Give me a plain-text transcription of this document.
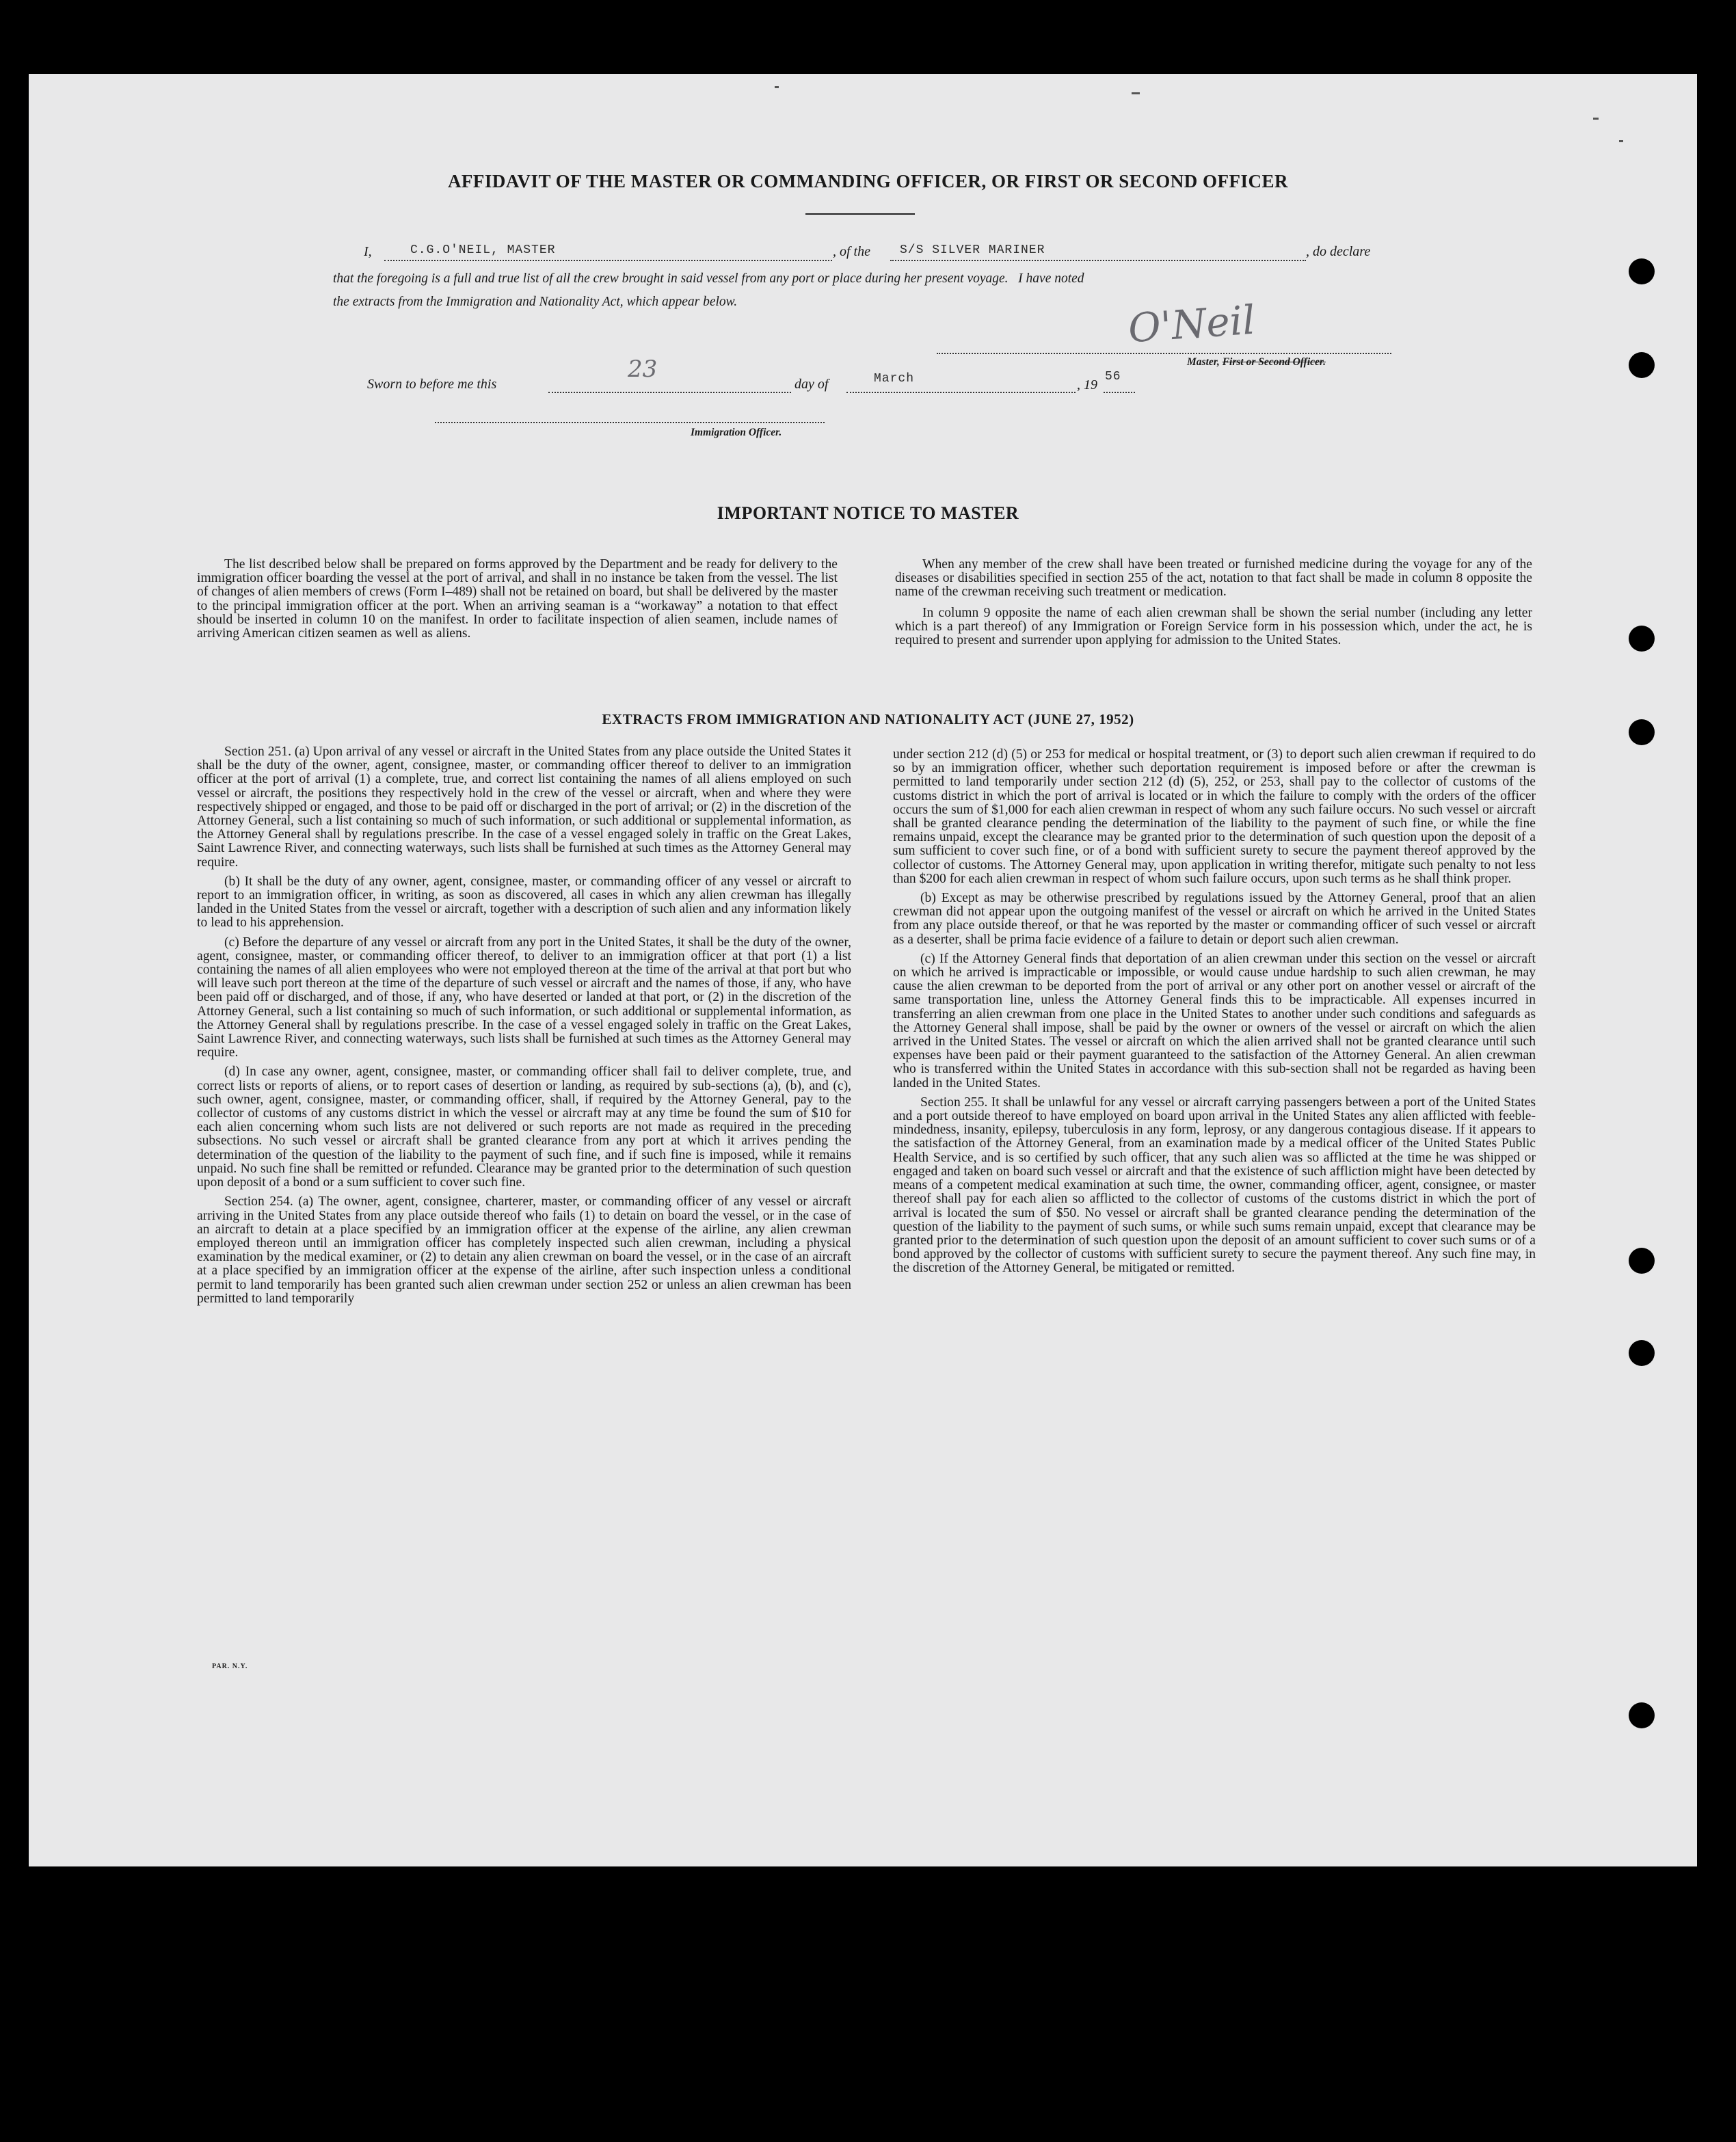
AFFIDAVIT OF THE MASTER OR COMMANDING OFFICER, OR FIRST OR SECOND OFFICER
I,	C.G.O'NEIL, MASTER	, of the S/S SILVER MARINER	, do declare
that the foregoing is a full and true list of all the crew brought in said vessel from any port or place during her present voyage.   I have noted
the extracts from the Immigration and Nationality Act, which appear below.	O'Neil
Master, First or Second Officer.
Sworn to before me this
23
day of	March	, 19
56
Immigration Officer.
IMPORTANT NOTICE TO MASTER

The list described below shall be prepared on forms approved by the Department and be ready for delivery to the immigration officer boarding the vessel at the port of arrival, and shall in no instance be taken from the vessel. The list of changes of alien members of crews (Form I–489) shall not be retained on board, but shall be delivered by the master to the principal immigration officer at the port. When an arriving seaman is a “workaway” a notation to that effect should be inserted in column 10 on the manifest. In order to facilitate inspection of alien seamen, include names of arriving American citizen seamen as well as aliens.

When any member of the crew shall have been treated or furnished medicine during the voyage for any of the diseases or disabilities specified in section 255 of the act, notation to that fact shall be made in column 8 opposite the name of the crewman receiving such treatment or medication.

In column 9 opposite the name of each alien crewman shall be shown the serial number (including any letter which is a part thereof) of any Immigration or Foreign Service form in his possession which, under the act, he is required to present and surrender upon applying for admission to the United States.

EXTRACTS FROM IMMIGRATION AND NATIONALITY ACT (JUNE 27, 1952)

Section 251. (a) Upon arrival of any vessel or aircraft in the United States from any place outside the United States it shall be the duty of the owner, agent, consignee, master, or commanding officer thereof to deliver to an immigration officer at the port of arrival (1) a complete, true, and correct list containing the names of all aliens employed on such vessel or aircraft, the positions they respectively hold in the crew of the vessel or aircraft, when and where they were respectively shipped or engaged, and those to be paid off or discharged in the port of arrival; or (2) in the discretion of the Attorney General, such a list containing so much of such information, or such additional or supplemental information, as the Attorney General shall by regulations prescribe. In the case of a vessel engaged solely in traffic on the Great Lakes, Saint Lawrence River, and connecting waterways, such lists shall be furnished at such times as the Attorney General may require.

(b) It shall be the duty of any owner, agent, consignee, master, or commanding officer of any vessel or aircraft to report to an immigration officer, in writing, as soon as discovered, all cases in which any alien crewman has illegally landed in the United States from the vessel or aircraft, together with a description of such alien and any information likely to lead to his apprehension.

(c) Before the departure of any vessel or aircraft from any port in the United States, it shall be the duty of the owner, agent, consignee, master, or commanding officer thereof, to deliver to an immigration officer at that port (1) a list containing the names of all alien employees who were not employed thereon at the time of the arrival at that port but who will leave such port thereon at the time of the departure of such vessel or aircraft and the names of those, if any, who have been paid off or discharged, and of those, if any, who have deserted or landed at that port, or (2) in the discretion of the Attorney General, such a list containing so much of such information, or such additional or supplemental information, as the Attorney General shall by regulations prescribe. In the case of a vessel engaged solely in traffic on the Great Lakes, Saint Lawrence River, and connecting waterways, such lists shall be furnished at such times as the Attorney General may require.

(d) In case any owner, agent, consignee, master, or commanding officer shall fail to deliver complete, true, and correct lists or reports of aliens, or to report cases of desertion or landing, as required by sub-sections (a), (b), and (c), such owner, agent, consignee, master, or commanding officer, shall, if required by the Attorney General, pay to the collector of customs of any customs district in which the vessel or aircraft may at any time be found the sum of $10 for each alien concerning whom such lists are not delivered or such reports are not made as required in the preceding subsections. No such vessel or aircraft shall be granted clearance from any port at which it arrives pending the determination of the question of the liability to the payment of such fine, and if such fine is imposed, while it remains unpaid. No such fine shall be remitted or refunded. Clearance may be granted prior to the determination of such question upon deposit of a bond or a sum sufficient to cover such fine.

Section 254. (a) The owner, agent, consignee, charterer, master, or commanding officer of any vessel or aircraft arriving in the United States from any place outside thereof who fails (1) to detain on board the vessel, or in the case of an aircraft to detain at a place specified by an immigration officer at the expense of the airline, any alien crewman employed thereon until an immigration officer has completely inspected such alien crewman, including a physical examination by the medical examiner, or (2) to detain any alien crewman on board the vessel, or in the case of an aircraft at a place specified by an immigration officer at the expense of the airline, after such inspection unless a conditional permit to land temporarily has been granted such alien crewman under section 252 or unless an alien crewman has been permitted to land temporarily

under section 212 (d) (5) or 253 for medical or hospital treatment, or (3) to deport such alien crewman if required to do so by an immigration officer, whether such deportation requirement is imposed before or after the crewman is permitted to land temporarily under section 212 (d) (5), 252, or 253, shall pay to the collector of customs of the customs district in which the port of arrival is located or in which the failure to comply with the orders of the officer occurs the sum of $1,000 for each alien crewman in respect of whom any such failure occurs. No such vessel or aircraft shall be granted clearance pending the determination of the liability to the payment of such fine, or while the fine remains unpaid, except the clearance may be granted prior to the determination of such question upon the deposit of a sum sufficient to cover such fine, or of a bond with sufficient surety to secure the payment thereof approved by the collector of customs. The Attorney General may, upon application in writing therefor, mitigate such penalty to not less than $200 for each alien crewman in respect of whom such failure occurs, upon such terms as he shall think proper.

(b) Except as may be otherwise prescribed by regulations issued by the Attorney General, proof that an alien crewman did not appear upon the outgoing manifest of the vessel or aircraft on which he arrived in the United States from any place outside thereof, or that he was reported by the master or commanding officer of such vessel or aircraft as a deserter, shall be prima facie evidence of a failure to detain or deport such alien crewman.

(c) If the Attorney General finds that deportation of an alien crewman under this section on the vessel or aircraft on which he arrived is impracticable or impossible, or would cause undue hardship to such alien crewman, he may cause the alien crewman to be deported from the port of arrival or any other port on another vessel or aircraft of the same transportation line, unless the Attorney General finds this to be impracticable. All expenses incurred in transferring an alien crewman from one place in the United States to another under such conditions and safeguards as the Attorney General shall impose, shall be paid by the owner or owners of the vessel or aircraft on which the alien arrived in the United States. The vessel or aircraft on which the alien arrived shall not be granted clearance until such expenses have been paid or their payment guaranteed to the satisfaction of the Attorney General. An alien crewman who is transferred within the United States in accordance with this sub-section shall not be regarded as having been landed in the United States.

Section 255. It shall be unlawful for any vessel or aircraft carrying passengers between a port of the United States and a port outside thereof to have employed on board upon arrival in the United States any alien afflicted with feeble-mindedness, insanity, epilepsy, tuberculosis in any form, leprosy, or any dangerous contagious disease. If it appears to the satisfaction of the Attorney General, from an examination made by a medical officer of the United States Public Health Service, and is so certified by such officer, that any such alien was so afflicted at the time he was shipped or engaged and taken on board such vessel or aircraft and that the existence of such affliction might have been detected by means of a competent medical examination at such time, the owner, commanding officer, agent, consignee, or master thereof shall pay for each alien so afflicted to the collector of customs of the customs district in which the port of arrival is located the sum of $50. No vessel or aircraft shall be granted clearance pending the determination of the question of the liability to the payment of such sums, or while such sums remain unpaid, except that clearance may be granted prior to the determination of such question upon the deposit of an amount sufficient to cover such sums or of a bond approved by the collector of customs with sufficient surety to secure the payment thereof. Any such fine may, in the discretion of the Attorney General, be mitigated or remitted.

PAR. N.Y.
